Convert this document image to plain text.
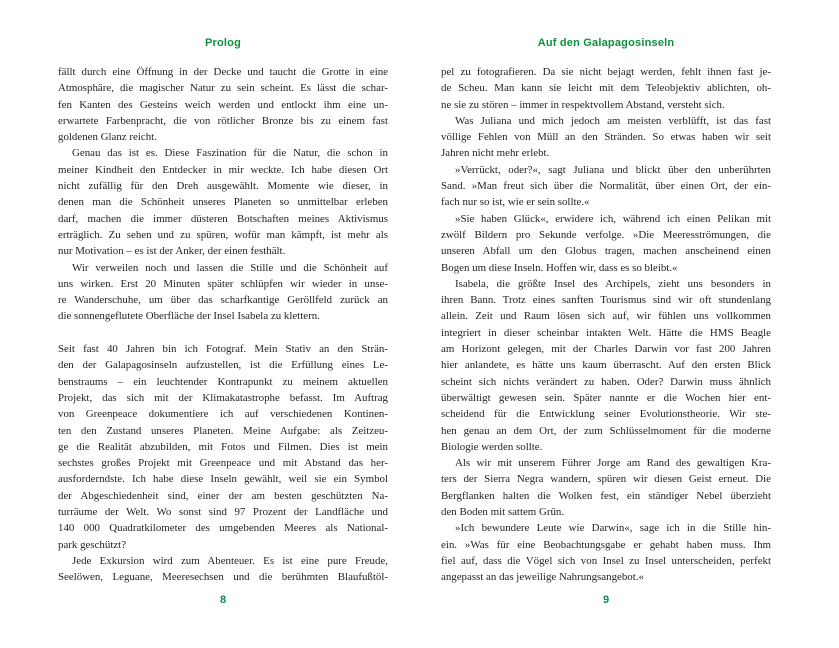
Prolog
fällt durch eine Öffnung in der Decke und taucht die Grotte in eine
Atmosphäre, die magischer Natur zu sein scheint. Es lässt die schar-
fen Kanten des Gesteins weich werden und entlockt ihm eine un-
erwartete Farbenpracht, die von rötlicher Bronze bis zu einem fast
goldenen Glanz reicht.
Genau das ist es. Diese Faszination für die Natur, die schon in
meiner Kindheit den Entdecker in mir weckte. Ich habe diesen Ort
nicht zufällig für den Dreh ausgewählt. Momente wie dieser, in
denen man die Schönheit unseres Planeten so unmittelbar erleben
darf, machen die immer düsteren Botschaften meines Aktivismus
erträglich. Zu sehen und zu spüren, wofür man kämpft, ist mehr als
nur Motivation – es ist der Anker, der einen festhält.
Wir verweilen noch und lassen die Stille und die Schönheit auf
uns wirken. Erst 20 Minuten später schlüpfen wir wieder in unse-
re Wanderschuhe, um über das scharfkantige Geröllfeld zurück an
die sonnengeflutete Oberfläche der Insel Isabela zu klettern.
Seit fast 40 Jahren bin ich Fotograf. Mein Stativ an den Strän-
den der Galapagosinseln aufzustellen, ist die Erfüllung eines Le-
benstraums – ein leuchtender Kontrapunkt zu meinem aktuellen
Projekt, das sich mit der Klimakatastrophe befasst. Im Auftrag
von Greenpeace dokumentiere ich auf verschiedenen Kontinen-
ten den Zustand unseres Planeten. Meine Aufgabe: als Zeitzeu-
ge die Realität abzubilden, mit Fotos und Filmen. Dies ist mein
sechstes großes Projekt mit Greenpeace und mit Abstand das her-
ausforderndste. Ich habe diese Inseln gewählt, weil sie ein Symbol
der Abgeschiedenheit sind, einer der am besten geschützten Na-
turräume der Welt. Wo sonst sind 97 Prozent der Landfläche und
140 000 Quadratkilometer des umgebenden Meeres als National-
park geschützt?
Jede Exkursion wird zum Abenteuer. Es ist eine pure Freude,
Seelöwen, Leguane, Meeresechsen und die berühmten Blaufußtöl-
8
Auf den Galapagosinseln
pel zu fotografieren. Da sie nicht bejagt werden, fehlt ihnen fast je-
de Scheu. Man kann sie leicht mit dem Teleobjektiv ablichten, oh-
ne sie zu stören – immer in respektvollem Abstand, versteht sich.
Was Juliana und mich jedoch am meisten verblüfft, ist das fast
völlige Fehlen von Müll an den Stränden. So etwas haben wir seit
Jahren nicht mehr erlebt.
»Verrückt, oder?«, sagt Juliana und blickt über den unberührten
Sand. »Man freut sich über die Normalität, über einen Ort, der ein-
fach nur so ist, wie er sein sollte.«
»Sie haben Glück«, erwidere ich, während ich einen Pelikan mit
zwölf Bildern pro Sekunde verfolge. »Die Meeresströmungen, die
unseren Abfall um den Globus tragen, machen anscheinend einen
Bogen um diese Inseln. Hoffen wir, dass es so bleibt.«
Isabela, die größte Insel des Archipels, zieht uns besonders in
ihren Bann. Trotz eines sanften Tourismus sind wir oft stundenlang
allein. Zeit und Raum lösen sich auf, wir fühlen uns vollkommen
integriert in dieser scheinbar intakten Welt. Hätte die HMS Beagle
am Horizont gelegen, mit der Charles Darwin vor fast 200 Jahren
hier anlandete, es hätte uns kaum überrascht. Auf den ersten Blick
scheint sich nichts verändert zu haben. Oder? Darwin muss ähnlich
überwältigt gewesen sein. Später nannte er die Wochen hier ent-
scheidend für die Entwicklung seiner Evolutionstheorie. Wir ste-
hen genau an dem Ort, der zum Schlüsselmoment für die moderne
Biologie werden sollte.
Als wir mit unserem Führer Jorge am Rand des gewaltigen Kra-
ters der Sierra Negra wandern, spüren wir diesen Geist erneut. Die
Bergflanken halten die Wolken fest, ein ständiger Nebel überzieht
den Boden mit sattem Grün.
»Ich bewundere Leute wie Darwin«, sage ich in die Stille hin-
ein. »Was für eine Beobachtungsgabe er gehabt haben muss. Ihm
fiel auf, dass die Vögel sich von Insel zu Insel unterscheiden, perfekt
angepasst an das jeweilige Nahrungsangebot.«
9
